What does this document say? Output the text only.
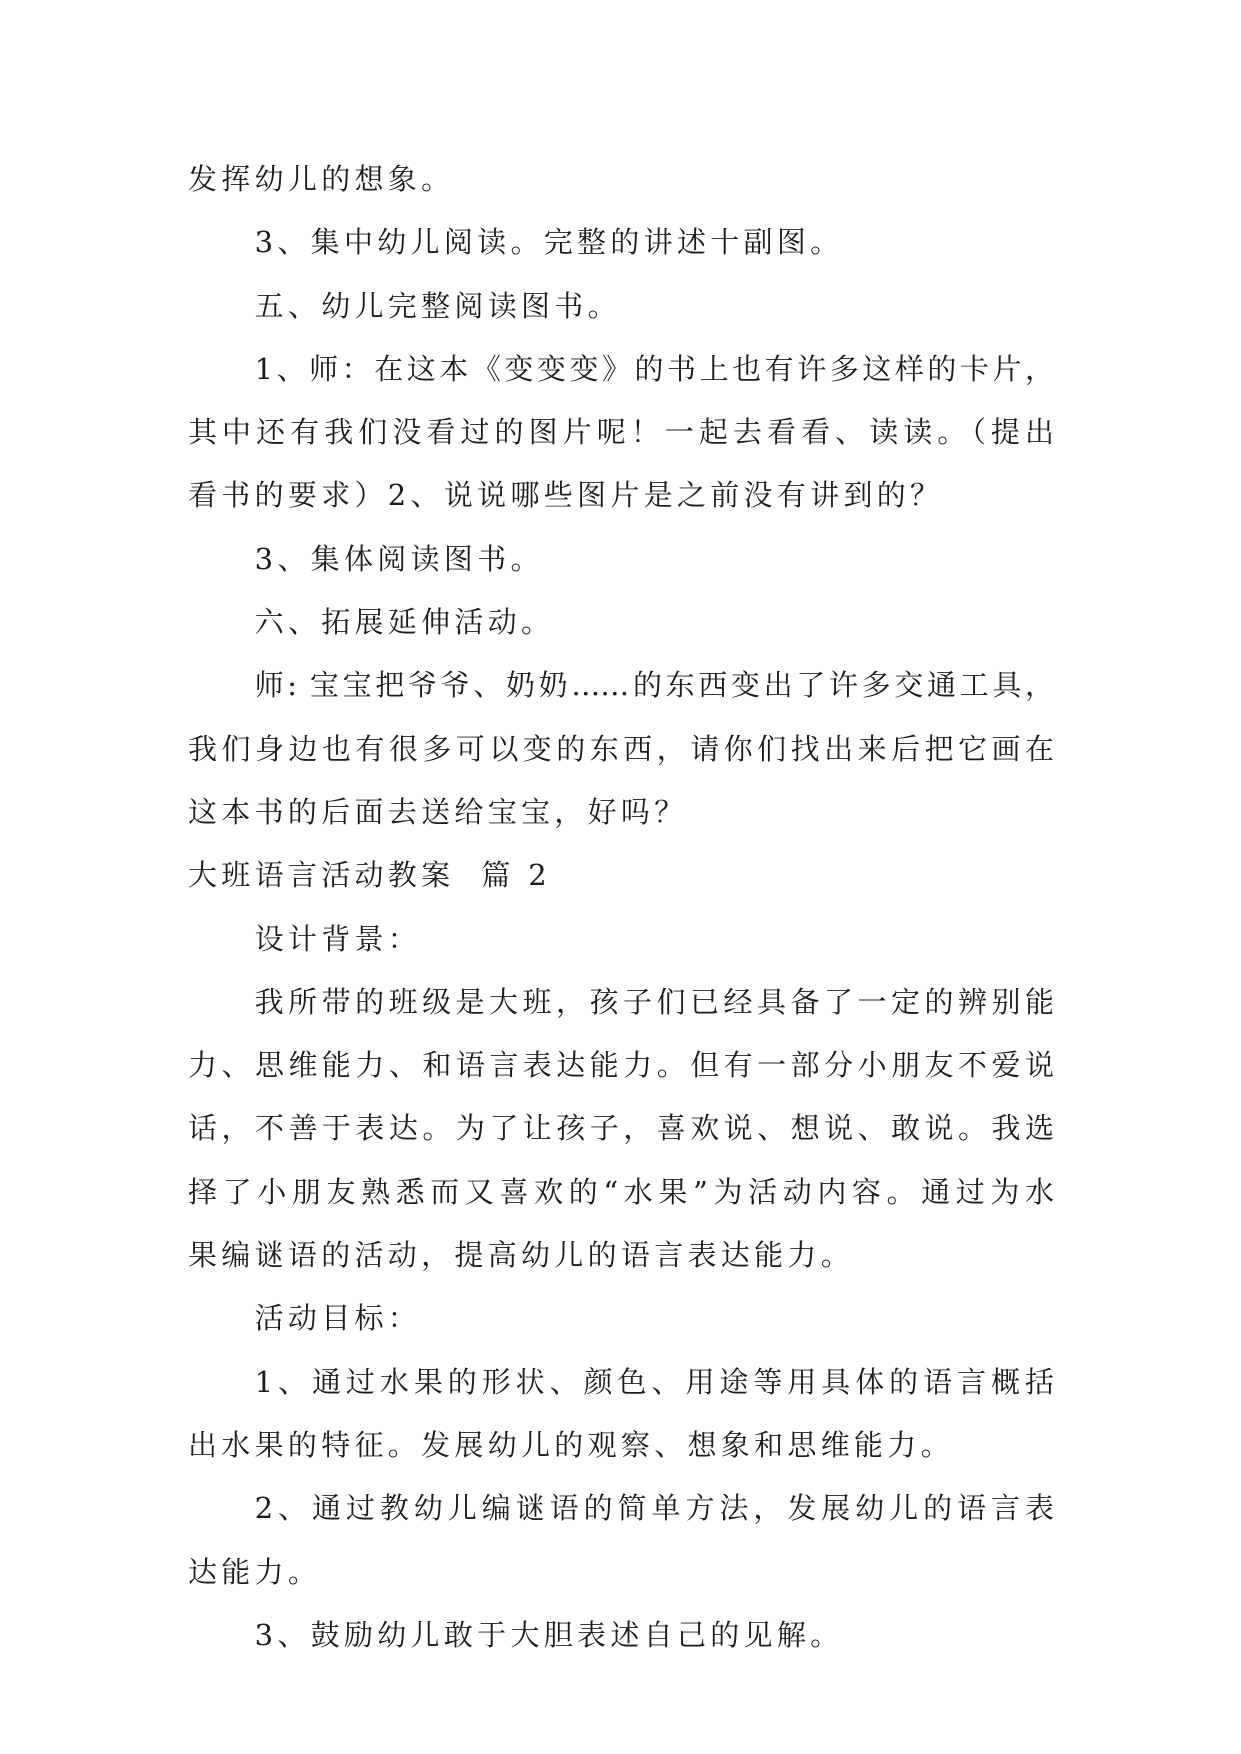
发挥幼儿的想象。
3、集中幼儿阅读。完整的讲述十副图。
五、幼儿完整阅读图书。
1、师：在这本《变变变》的书上也有许多这样的卡片，
其中还有我们没看过的图片呢！一起去看看、读读。（提出
看书的要求）2、说说哪些图片是之前没有讲到的？
3、集体阅读图书。
六、拓展延伸活动。
师: 宝宝把爷爷、奶奶……的东西变出了许多交通工具，
我们身边也有很多可以变的东西，请你们找出来后把它画在
这本书的后面去送给宝宝，好吗？
大班语言活动教案  篇 2
设计背景：
我所带的班级是大班，孩子们已经具备了一定的辨别能
力、思维能力、和语言表达能力。但有一部分小朋友不爱说
话，不善于表达。为了让孩子，喜欢说、想说、敢说。我选
择了小朋友熟悉而又喜欢的“水果”为活动内容。通过为水
果编谜语的活动，提高幼儿的语言表达能力。
活动目标：
1、通过水果的形状、颜色、用途等用具体的语言概括
出水果的特征。发展幼儿的观察、想象和思维能力。
2、通过教幼儿编谜语的简单方法，发展幼儿的语言表
达能力。
3、鼓励幼儿敢于大胆表述自己的见解。
